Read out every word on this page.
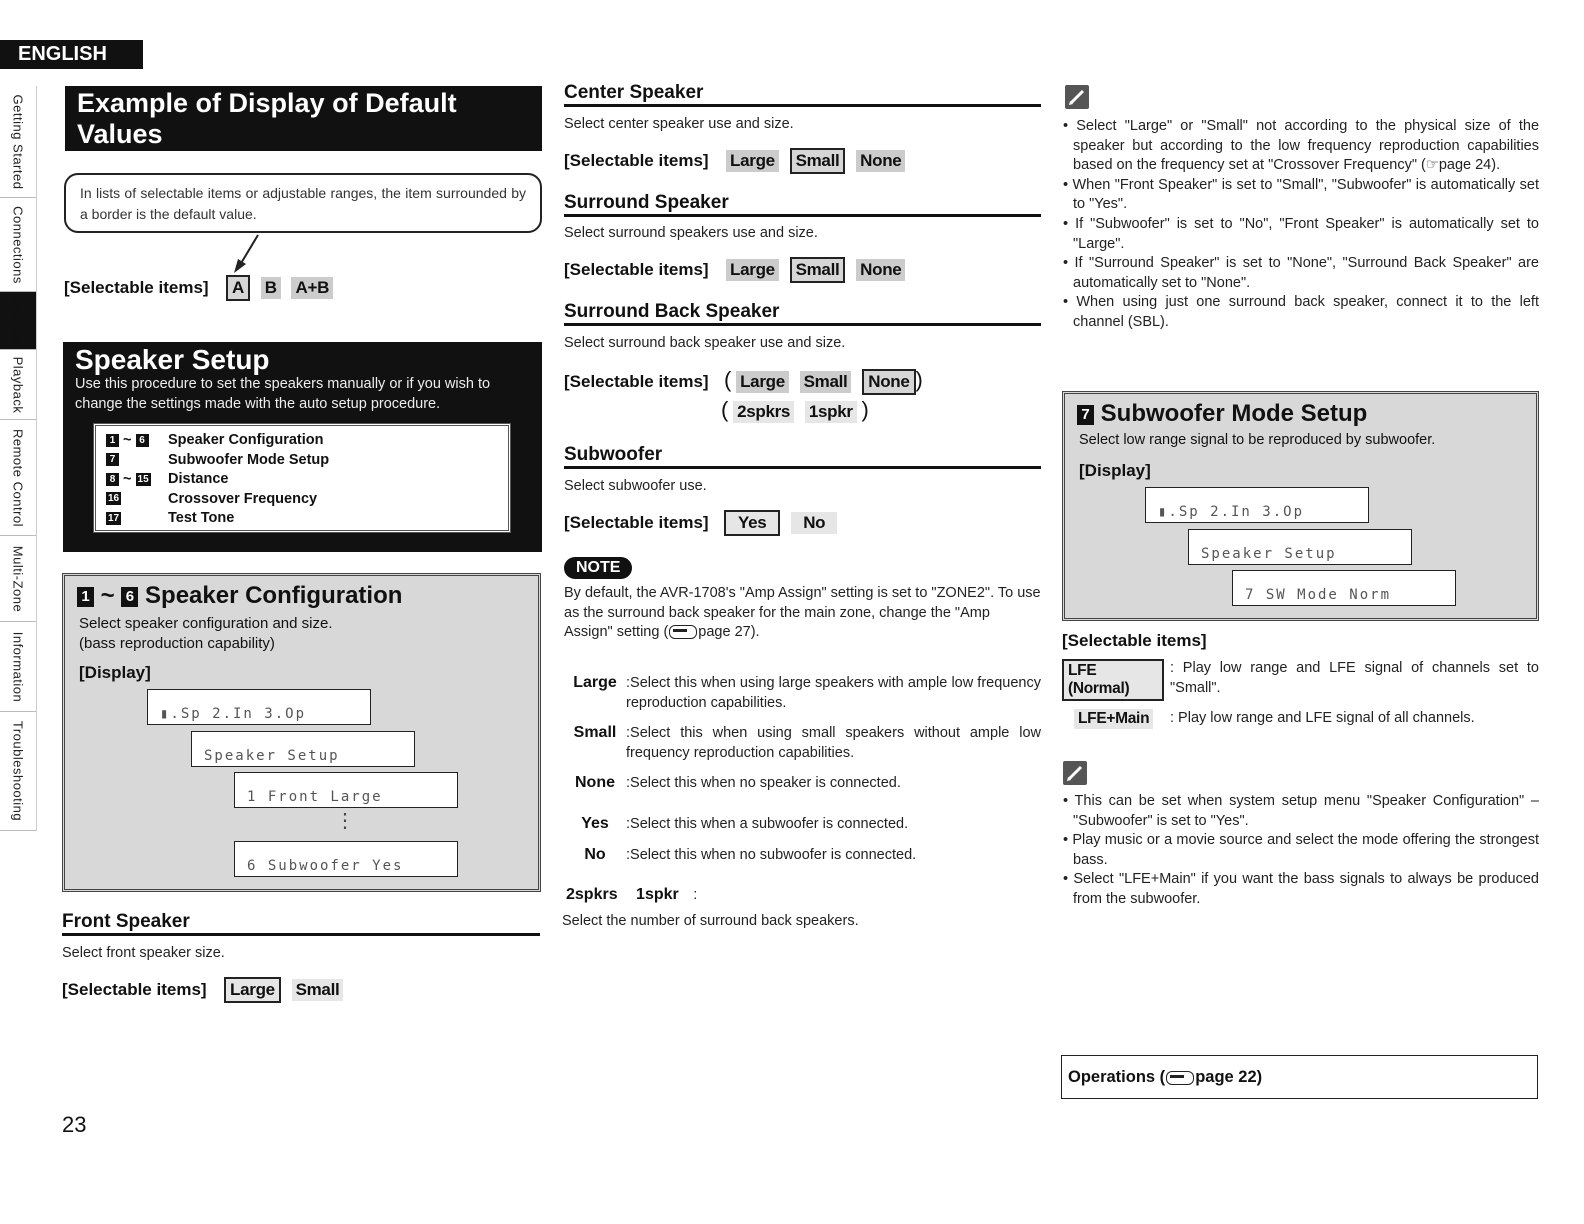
ENGLISH
Getting Started
Connections
Settings
Playback
Remote Control
Multi-Zone
Information
Troubleshooting
Example of Display of Default
Values
In lists of selectable items or adjustable ranges, the item surrounded by a border is the default value.
[Selectable items] A B A+B
Speaker Setup
Use this procedure to set the speakers manually or if you wish to change the settings made with the auto setup procedure.
1 ~ 6 Speaker Configuration
7	Subwoofer Mode Setup
8 ~ 15 Distance
16	Crossover Frequency
17	Test Tone
1 ~ 6 Speaker Configuration
Select speaker configuration and size.
(bass reproduction capability)
[Display]
▮.Sp 2.In 3.Op
Speaker Setup
1 Front Large
⋮
6 Subwoofer Yes
Front Speaker
Select front speaker size.
[Selectable items] Large Small
23
Center Speaker
Select center speaker use and size.
[Selectable items] Large Small None
Surround Speaker
Select surround speakers use and size.
[Selectable items] Large Small None
Surround Back Speaker
Select surround back speaker use and size.
[Selectable items] ( Large Small None )
( 2spkrs 1spkr )
Subwoofer
Select subwoofer use.
[Selectable items] Yes No
NOTE
By default, the AVR-1708's "Amp Assign" setting is set to "ZONE2". To use as the surround back speaker for the main zone, change the "Amp Assign" setting ( page 27).
Large :Select this when using large speakers with ample low frequency reproduction capabilities.
Small :Select this when using small speakers without ample low frequency reproduction capabilities.
None :Select this when no speaker is connected.
Yes	:Select this when a subwoofer is connected.
No	:Select this when no subwoofer is connected.
2spkrs 1spkr :
Select the number of surround back speakers.
• Select "Large" or "Small" not according to the physical size of the speaker but according to the low frequency reproduction capabilities based on the frequency set at "Crossover Frequency" (☞page 24).
• When "Front Speaker" is set to "Small", "Subwoofer" is automatically set to "Yes".
• If "Subwoofer" is set to "No", "Front Speaker" is automatically set to "Large".
• If "Surround Speaker" is set to "None", "Surround Back Speaker" are automatically set to "None".
• When using just one surround back speaker, connect it to the left channel (SBL).
7 Subwoofer Mode Setup
Select low range signal to be reproduced by subwoofer.
[Display]
▮.Sp 2.In 3.Op
Speaker Setup
7 SW Mode Norm
[Selectable items]
LFE (Normal)
: Play low range and LFE signal of channels set to "Small".
LFE+Main	: Play low range and LFE signal of all channels.
• This can be set when system setup menu "Speaker Configuration" – "Subwoofer" is set to "Yes".
• Play music or a movie source and select the mode offering the strongest bass.
• Select "LFE+Main" if you want the bass signals to always be produced from the subwoofer.
Operations ( page 22)
